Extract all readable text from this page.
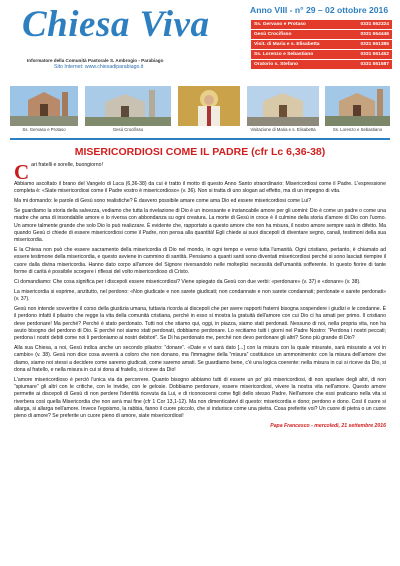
Chiesa Viva
Informatore della Comunità Pastorale S. Ambrogio - Parabiago
Sito Internet: www.chiesadiparabiago.it
Anno VIII - n° 29 – 02 ottobre 2016
Ss. Gervaso e Protaso	0331 552324
Gesù Crocifisso	0331 554446
Visit. di Maria e s. Elisabetta	0331 551385
Ss. Lorenzo e Sebastiano	0331 551452
Oratorio s. Stefano	0331 551587
Ss. Gervaso e Protaso	Gesù Crocifisso	Visitazione di Maria e s. Elisabetta	Ss. Lorenzo e Sebastiano
MISERICORDIOSI COME IL PADRE (cfr Lc 6,36-38)

Cari fratelli e sorelle, buongiorno!

Abbiamo ascoltato il brano del Vangelo di Luca (6,36-38) da cui è tratto il motto di questo Anno Santo straordinario: Misericordiosi come il Padre. L'espressione completa è: «Siate misericordiosi come il Padre vostro è misericordioso» (v. 36). Non si tratta di uno slogan ad effetto, ma di un impegno di vita.

Ma mi domando: le parole di Gesù sono realistiche? È davvero possibile amare come ama Dio ed essere misericordiosi come Lui?

Se guardiamo la storia della salvezza, vediamo che tutta la rivelazione di Dio è un incessante e instancabile amore per gli uomini: Dio è come un padre o come una madre che ama di insondabile amore e lo riversa con abbondanza su ogni creatura. La morte di Gesù in croce è il culmine della storia d'amore di Dio con l'uomo. Un amore talmente grande che solo Dio lo può realizzare. È evidente che, rapportato a questo amore che non ha misura, il nostro amore sempre sarà in difetto. Ma quando Gesù ci chiede di essere misericordiosi come il Padre, non pensa alla quantità! Egli chiede ai suoi discepoli di diventare segno, canali, testimoni della sua misericordia.

E la Chiesa non può che essere sacramento della misericordia di Dio nel mondo, in ogni tempo e verso tutta l'umanità. Ogni cristiano, pertanto, è chiamato ad essere testimone della misericordia, e questo avviene in cammino di santità. Pensiamo a quanti santi sono diventati misericordiosi perché si sono lasciati riempire il cuore dalla divina misericordia. Hanno dato corpo all'amore del Signore riversandolo nelle molteplici necessità dell'umanità sofferente. In questo fiorire di tante forme di carità è possibile scorgere i riflessi del volto misericordioso di Cristo.

Ci domandiamo: Che cosa significa per i discepoli essere misericordiosi? Viene spiegato da Gesù con due verbi: «perdonare» (v. 37) e «donare» (v. 38).

La misericordia si esprime, anzitutto, nel perdono: «Non giudicate e non sarete giudicati; non condannate e non sarete condannati; perdonate e sarete perdonati» (v. 37).

Gesù non intende sovvertire il corso della giustizia umana, tuttavia ricorda ai discepoli che per avere rapporti fraterni bisogna sospendere i giudizi e le condanne. È il perdono infatti il pilastro che regge la vita della comunità cristiana, perché in esso si mostra la gratuità dell'amore con cui Dio ci ha amati per primo. Il cristiano deve perdonare! Ma perché? Perché è stato perdonato. Tutti noi che stiamo qui, oggi, in piazza, siamo stati perdonati. Nessuno di noi, nella propria vita, non ha avuto bisogno del perdono di Dio. E perché noi siamo stati perdonati, dobbiamo perdonare. Lo recitiamo tutti i giorni nel Padre Nostro: “Perdona i nostri peccati; perdona i nostri debiti come noi li perdoniamo ai nostri debitori”. Se Di ha perdonato me, perché non devo perdonare gli altri? Sono più grande di Dio?

Alla sua Chiesa, a noi, Gesù indica anche un secondo pilastro: “donare”. «Date e vi sarà dato [...] con la misura con la quale misurate, sarà misurato a voi in cambio» (v. 38). Gesù non dice cosa avverrà a coloro che non donano, ma l'immagine della “misura” costituisce un ammonimento: con la misura dell'amore che diamo, siamo noi stessi a decidere come saremo giudicati, come saremo amati. Se guardiamo bene, c'è una logica coerente: nella misura in cui si riceve da Dio, si dona al fratello, e nella misura in cui si dona al fratello, si riceve da Dio!

L'amore misericordioso è perciò l'unica via da percorrere. Quanto bisogno abbiamo tutti di essere un po' più misericordiosi, di non sparlare degli altri, di non “spiumare” gli altri con le critiche, con le invidie, con le gelosie. Dobbiamo perdonare, essere misericordiosi, vivere la nostra vita nell'amore. Questo amore permette ai discepoli di Gesù di non perdere l'identità ricevuta da Lui, e di riconoscersi come figli dello stesso Padre. Nell'amore che essi praticano nella vita si riverbera così quella Misericordia che non avrà mai fine (cfr 1 Cor 13,1-12). Ma non dimenticatevi di questo: misericordia e dono; perdono e dono. Così il cuore si allarga, si allarga nell'amore. Invece l'egoismo, la rabbia, fanno il cuore piccolo, che si indurisce come una pietra. Cosa preferite voi? Un cuore di pietra o un cuore pieno di amore? Se preferite un cuore pieno di amore, siate misericordiosi!

Papa Francesco - mercoledì, 21 settembre 2016
